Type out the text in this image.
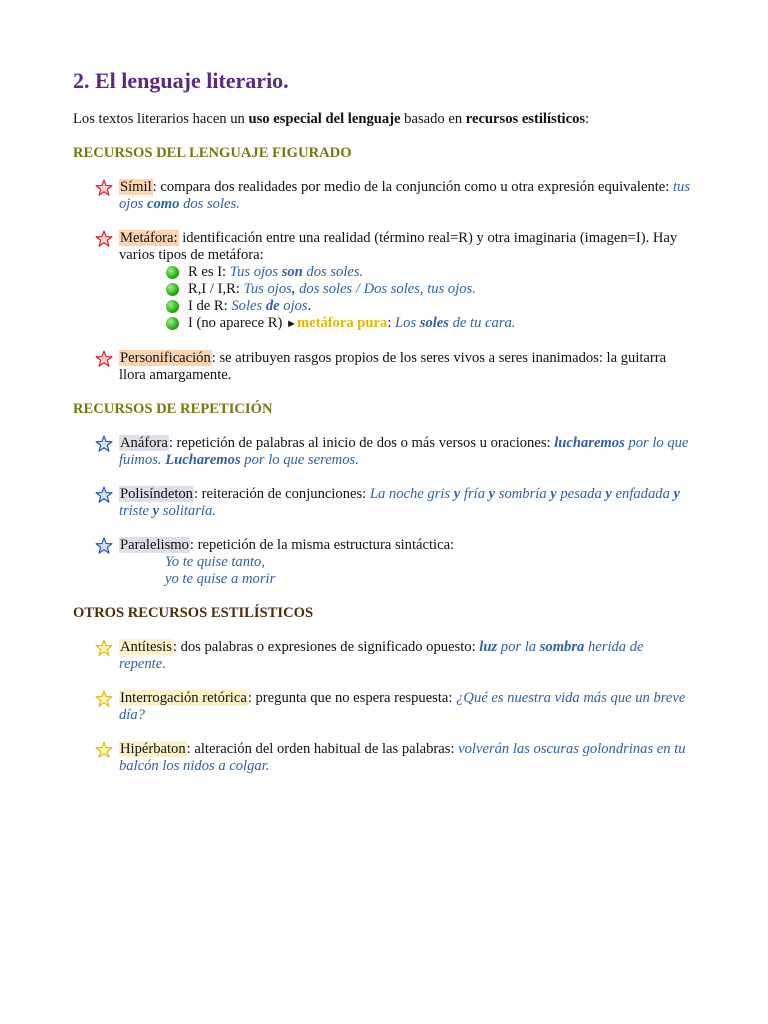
2. El lenguaje literario.

Los textos literarios hacen un uso especial del lenguaje basado en recursos estilísticos:

RECURSOS DEL LENGUAJE FIGURADO
Símil: compara dos realidades por medio de la conjunción como u otra expresión equivalente: tus ojos como dos soles.
Metáfora: identificación entre una realidad (término real=R) y otra imaginaria (imagen=I). Hay varios tipos de metáfora:
R es I: Tus ojos son dos soles.
R,I / I,R: Tus ojos, dos soles / Dos soles, tus ojos.
I de R: Soles de ojos.
I (no aparece R) ►metáfora pura: Los soles de tu cara.
Personificación: se atribuyen rasgos propios de los seres vivos a seres inanimados: la guitarra llora amargamente.
RECURSOS DE REPETICIÓN
Anáfora: repetición de palabras al inicio de dos o más versos u oraciones: lucharemos por lo que fuimos. Lucharemos por lo que seremos.
Polisíndeton: reiteración de conjunciones: La noche gris y fría y sombría y pesada y enfadada y triste y solitaria.
Paralelismo: repetición de la misma estructura sintáctica:
Yo te quise tanto,
yo te quise a morir
OTROS RECURSOS ESTILÍSTICOS
Antítesis: dos palabras o expresiones de significado opuesto: luz por la sombra herida de repente.
Interrogación retórica: pregunta que no espera respuesta: ¿Qué es nuestra vida más que un breve día?
Hipérbaton: alteración del orden habitual de las palabras: volverán las oscuras golondrinas en tu balcón los nidos a colgar.
